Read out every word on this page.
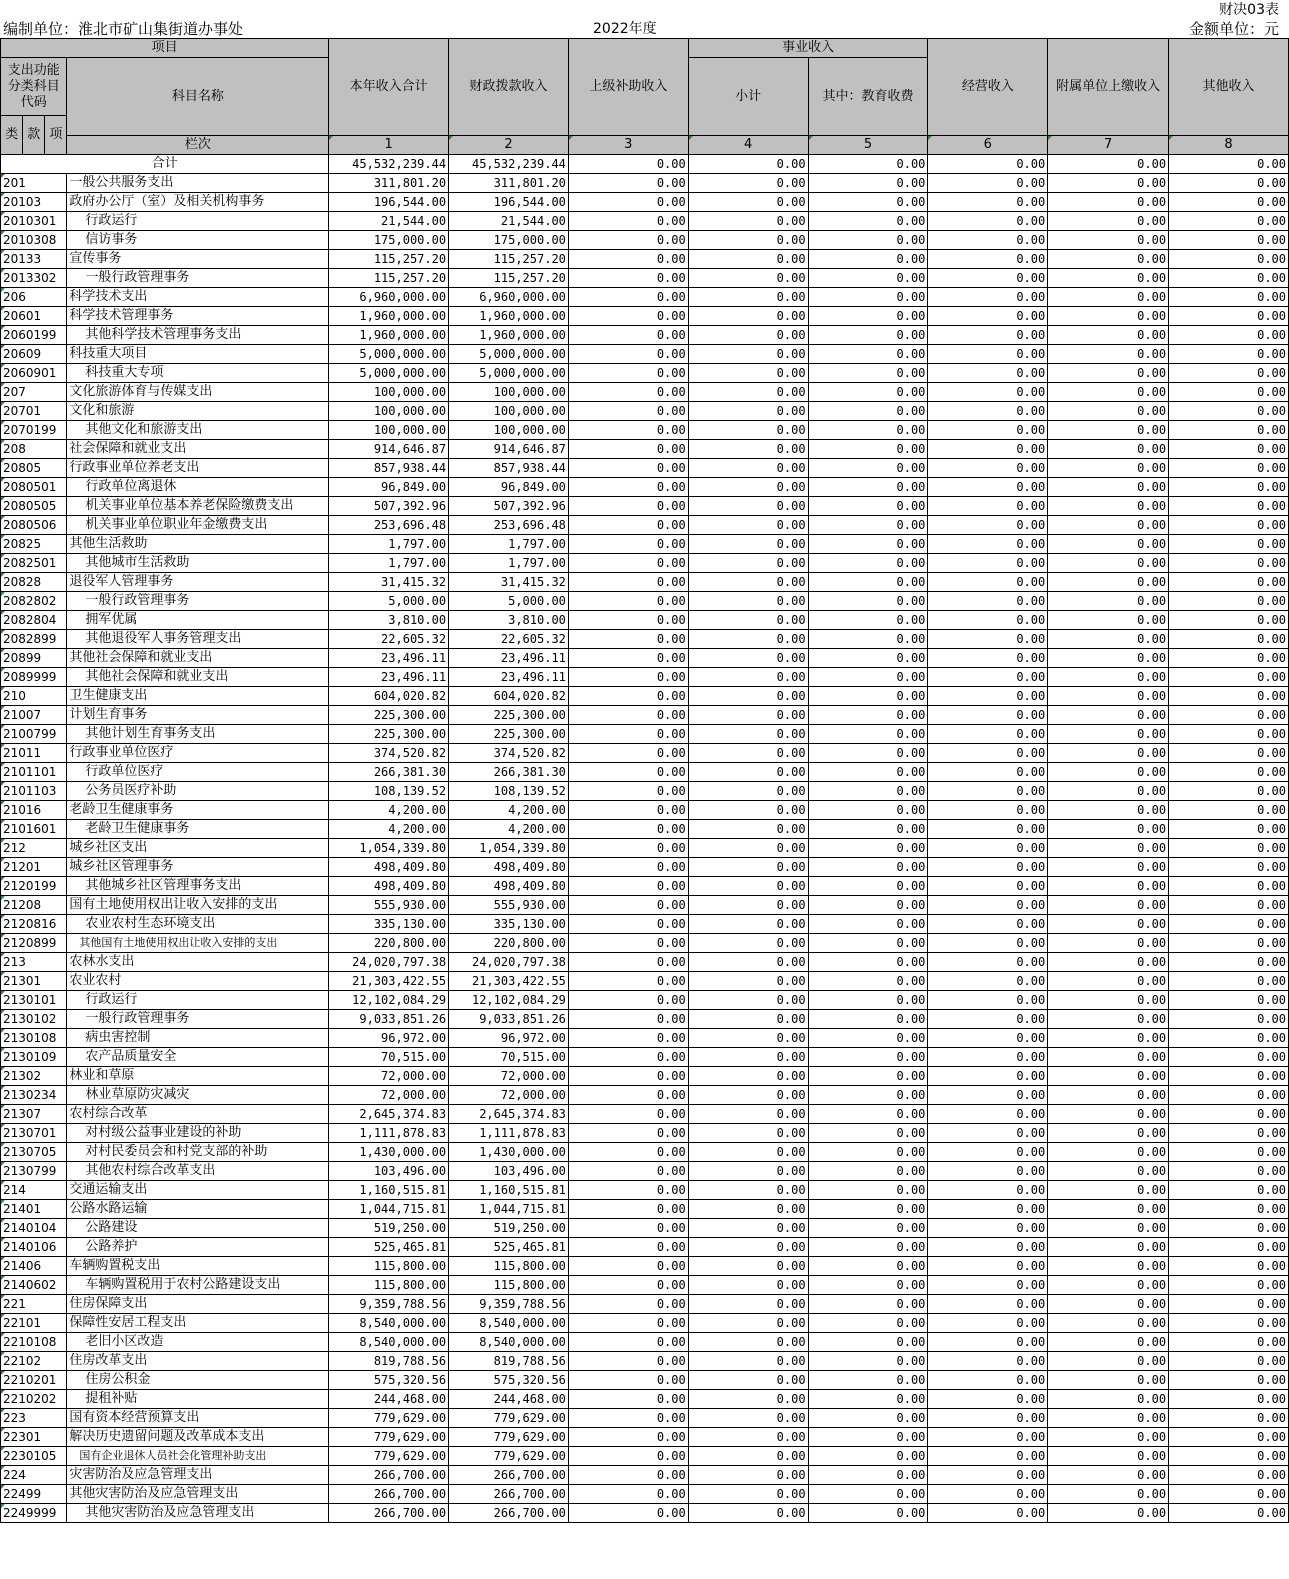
财决03表
编制单位：淮北市矿山集街道办事处	2022年度	金额单位：元
项目				本年收入合计	财政拨款收入	上级补助收入	事业收入		经营收入	附属单位上缴收入	其他收入
支出功能分类科目代码			科目名称				小计	其中：教育收费			
类	款	项									
			栏次	1	2	3	4	5	6	7	8
合计				45,532,239.44	45,532,239.44	0.00	0.00	0.00	0.00	0.00	0.00
201			一般公共服务支出	311,801.20	311,801.20	0.00	0.00	0.00	0.00	0.00	0.00
20103			政府办公厅（室）及相关机构事务	196,544.00	196,544.00	0.00	0.00	0.00	0.00	0.00	0.00
2010301			行政运行	21,544.00	21,544.00	0.00	0.00	0.00	0.00	0.00	0.00
2010308			信访事务	175,000.00	175,000.00	0.00	0.00	0.00	0.00	0.00	0.00
20133			宣传事务	115,257.20	115,257.20	0.00	0.00	0.00	0.00	0.00	0.00
2013302			一般行政管理事务	115,257.20	115,257.20	0.00	0.00	0.00	0.00	0.00	0.00
206			科学技术支出	6,960,000.00	6,960,000.00	0.00	0.00	0.00	0.00	0.00	0.00
20601			科学技术管理事务	1,960,000.00	1,960,000.00	0.00	0.00	0.00	0.00	0.00	0.00
2060199			其他科学技术管理事务支出	1,960,000.00	1,960,000.00	0.00	0.00	0.00	0.00	0.00	0.00
20609			科技重大项目	5,000,000.00	5,000,000.00	0.00	0.00	0.00	0.00	0.00	0.00
2060901			科技重大专项	5,000,000.00	5,000,000.00	0.00	0.00	0.00	0.00	0.00	0.00
207			文化旅游体育与传媒支出	100,000.00	100,000.00	0.00	0.00	0.00	0.00	0.00	0.00
20701			文化和旅游	100,000.00	100,000.00	0.00	0.00	0.00	0.00	0.00	0.00
2070199			其他文化和旅游支出	100,000.00	100,000.00	0.00	0.00	0.00	0.00	0.00	0.00
208			社会保障和就业支出	914,646.87	914,646.87	0.00	0.00	0.00	0.00	0.00	0.00
20805			行政事业单位养老支出	857,938.44	857,938.44	0.00	0.00	0.00	0.00	0.00	0.00
2080501			行政单位离退休	96,849.00	96,849.00	0.00	0.00	0.00	0.00	0.00	0.00
2080505			机关事业单位基本养老保险缴费支出	507,392.96	507,392.96	0.00	0.00	0.00	0.00	0.00	0.00
2080506			机关事业单位职业年金缴费支出	253,696.48	253,696.48	0.00	0.00	0.00	0.00	0.00	0.00
20825			其他生活救助	1,797.00	1,797.00	0.00	0.00	0.00	0.00	0.00	0.00
2082501			其他城市生活救助	1,797.00	1,797.00	0.00	0.00	0.00	0.00	0.00	0.00
20828			退役军人管理事务	31,415.32	31,415.32	0.00	0.00	0.00	0.00	0.00	0.00
2082802			一般行政管理事务	5,000.00	5,000.00	0.00	0.00	0.00	0.00	0.00	0.00
2082804			拥军优属	3,810.00	3,810.00	0.00	0.00	0.00	0.00	0.00	0.00
2082899			其他退役军人事务管理支出	22,605.32	22,605.32	0.00	0.00	0.00	0.00	0.00	0.00
20899			其他社会保障和就业支出	23,496.11	23,496.11	0.00	0.00	0.00	0.00	0.00	0.00
2089999			其他社会保障和就业支出	23,496.11	23,496.11	0.00	0.00	0.00	0.00	0.00	0.00
210			卫生健康支出	604,020.82	604,020.82	0.00	0.00	0.00	0.00	0.00	0.00
21007			计划生育事务	225,300.00	225,300.00	0.00	0.00	0.00	0.00	0.00	0.00
2100799			其他计划生育事务支出	225,300.00	225,300.00	0.00	0.00	0.00	0.00	0.00	0.00
21011			行政事业单位医疗	374,520.82	374,520.82	0.00	0.00	0.00	0.00	0.00	0.00
2101101			行政单位医疗	266,381.30	266,381.30	0.00	0.00	0.00	0.00	0.00	0.00
2101103			公务员医疗补助	108,139.52	108,139.52	0.00	0.00	0.00	0.00	0.00	0.00
21016			老龄卫生健康事务	4,200.00	4,200.00	0.00	0.00	0.00	0.00	0.00	0.00
2101601			老龄卫生健康事务	4,200.00	4,200.00	0.00	0.00	0.00	0.00	0.00	0.00
212			城乡社区支出	1,054,339.80	1,054,339.80	0.00	0.00	0.00	0.00	0.00	0.00
21201			城乡社区管理事务	498,409.80	498,409.80	0.00	0.00	0.00	0.00	0.00	0.00
2120199			其他城乡社区管理事务支出	498,409.80	498,409.80	0.00	0.00	0.00	0.00	0.00	0.00
21208			国有土地使用权出让收入安排的支出	555,930.00	555,930.00	0.00	0.00	0.00	0.00	0.00	0.00
2120816			农业农村生态环境支出	335,130.00	335,130.00	0.00	0.00	0.00	0.00	0.00	0.00
2120899			其他国有土地使用权出让收入安排的支出	220,800.00	220,800.00	0.00	0.00	0.00	0.00	0.00	0.00
213			农林水支出	24,020,797.38	24,020,797.38	0.00	0.00	0.00	0.00	0.00	0.00
21301			农业农村	21,303,422.55	21,303,422.55	0.00	0.00	0.00	0.00	0.00	0.00
2130101			行政运行	12,102,084.29	12,102,084.29	0.00	0.00	0.00	0.00	0.00	0.00
2130102			一般行政管理事务	9,033,851.26	9,033,851.26	0.00	0.00	0.00	0.00	0.00	0.00
2130108			病虫害控制	96,972.00	96,972.00	0.00	0.00	0.00	0.00	0.00	0.00
2130109			农产品质量安全	70,515.00	70,515.00	0.00	0.00	0.00	0.00	0.00	0.00
21302			林业和草原	72,000.00	72,000.00	0.00	0.00	0.00	0.00	0.00	0.00
2130234			林业草原防灾减灾	72,000.00	72,000.00	0.00	0.00	0.00	0.00	0.00	0.00
21307			农村综合改革	2,645,374.83	2,645,374.83	0.00	0.00	0.00	0.00	0.00	0.00
2130701			对村级公益事业建设的补助	1,111,878.83	1,111,878.83	0.00	0.00	0.00	0.00	0.00	0.00
2130705			对村民委员会和村党支部的补助	1,430,000.00	1,430,000.00	0.00	0.00	0.00	0.00	0.00	0.00
2130799			其他农村综合改革支出	103,496.00	103,496.00	0.00	0.00	0.00	0.00	0.00	0.00
214			交通运输支出	1,160,515.81	1,160,515.81	0.00	0.00	0.00	0.00	0.00	0.00
21401			公路水路运输	1,044,715.81	1,044,715.81	0.00	0.00	0.00	0.00	0.00	0.00
2140104			公路建设	519,250.00	519,250.00	0.00	0.00	0.00	0.00	0.00	0.00
2140106			公路养护	525,465.81	525,465.81	0.00	0.00	0.00	0.00	0.00	0.00
21406			车辆购置税支出	115,800.00	115,800.00	0.00	0.00	0.00	0.00	0.00	0.00
2140602			车辆购置税用于农村公路建设支出	115,800.00	115,800.00	0.00	0.00	0.00	0.00	0.00	0.00
221			住房保障支出	9,359,788.56	9,359,788.56	0.00	0.00	0.00	0.00	0.00	0.00
22101			保障性安居工程支出	8,540,000.00	8,540,000.00	0.00	0.00	0.00	0.00	0.00	0.00
2210108			老旧小区改造	8,540,000.00	8,540,000.00	0.00	0.00	0.00	0.00	0.00	0.00
22102			住房改革支出	819,788.56	819,788.56	0.00	0.00	0.00	0.00	0.00	0.00
2210201			住房公积金	575,320.56	575,320.56	0.00	0.00	0.00	0.00	0.00	0.00
2210202			提租补贴	244,468.00	244,468.00	0.00	0.00	0.00	0.00	0.00	0.00
223			国有资本经营预算支出	779,629.00	779,629.00	0.00	0.00	0.00	0.00	0.00	0.00
22301			解决历史遗留问题及改革成本支出	779,629.00	779,629.00	0.00	0.00	0.00	0.00	0.00	0.00
2230105			国有企业退休人员社会化管理补助支出	779,629.00	779,629.00	0.00	0.00	0.00	0.00	0.00	0.00
224			灾害防治及应急管理支出	266,700.00	266,700.00	0.00	0.00	0.00	0.00	0.00	0.00
22499			其他灾害防治及应急管理支出	266,700.00	266,700.00	0.00	0.00	0.00	0.00	0.00	0.00
2249999			其他灾害防治及应急管理支出	266,700.00	266,700.00	0.00	0.00	0.00	0.00	0.00	0.00
